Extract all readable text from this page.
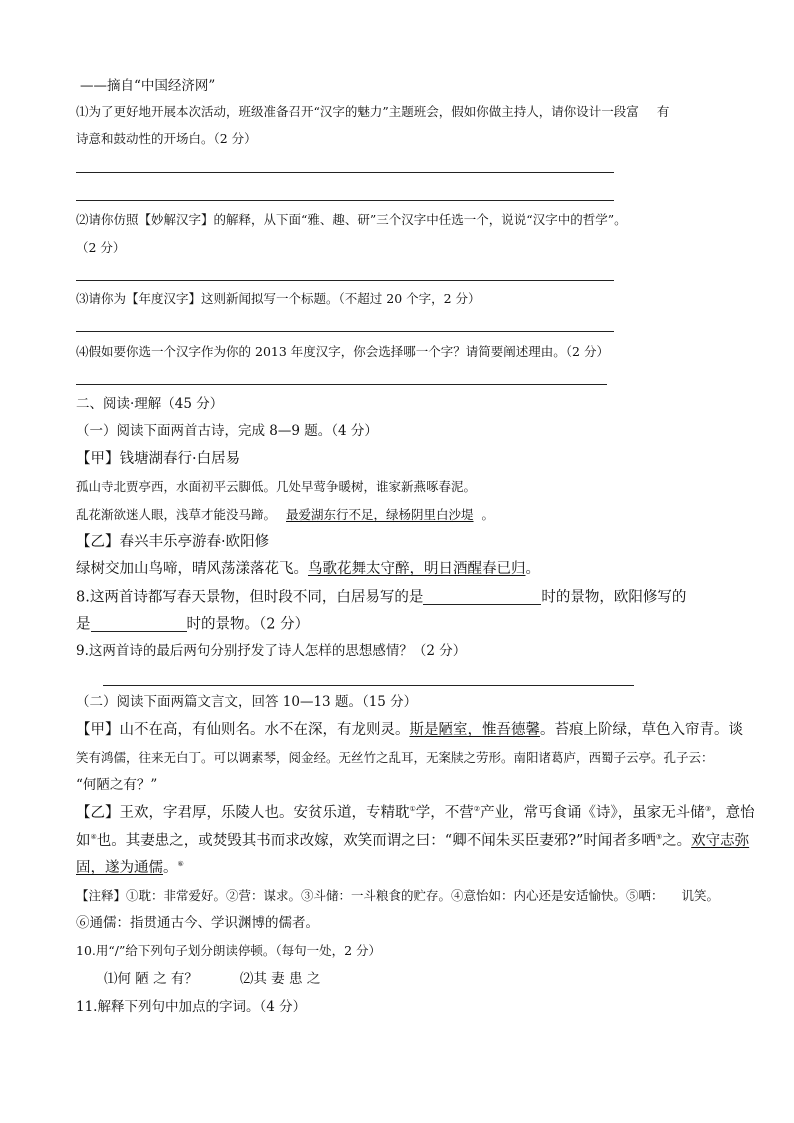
——摘自“中国经济网”
⑴为了更好地开展本次活动，班级准备召开“汉字的魅力”主题班会，假如你做主持人，请你设计一段富 有
诗意和鼓动性的开场白。（2 分）
⑵请你仿照【妙解汉字】的解释，从下面“雅、趣、研”三个汉字中任选一个，说说“汉字中的哲学”。
（2 分）
⑶请你为【年度汉字】这则新闻拟写一个标题。（不超过 20 个字，2 分）
⑷假如要你选一个汉字作为你的 2013 年度汉字，你会选择哪一个字？请简要阐述理由。（2 分）
二、阅读·理解（45 分）
（一）阅读下面两首古诗，完成 8—9 题。（4 分）
【甲】钱塘湖春行·白居易
孤山寺北贾亭西，水面初平云脚低。几处早莺争暖树，谁家新燕啄春泥。
乱花渐欲迷人眼，浅草才能没马蹄。 最爱湖东行不足，绿杨阴里白沙堤 。
【乙】春兴丰乐亭游春·欧阳修
绿树交加山鸟啼，晴风荡漾落花飞。鸟歌花舞太守醉，明日酒醒春已归。
8.这两首诗都写春天景物，但时段不同，白居易写的是	时的景物，欧阳修写的
是	时的景物。（2 分）
9.这两首诗的最后两句分别抒发了诗人怎样的思想感情？（2 分）
（二）阅读下面两篇文言文，回答 10—13 题。（15 分）
【甲】山不在高，有仙则名。水不在深，有龙则灵。斯是陋室，惟吾德馨。苔痕上阶绿，草色入帘青。谈
笑有鸿儒，往来无白丁。可以调素琴，阅金经。无丝竹之乱耳，无案牍之劳形。南阳诸葛庐，西蜀子云亭。孔子云：
“何陋之有？”
【乙】王欢，字君厚，乐陵人也。安贫乐道，专精耽①学，不营②产业，常丐食诵《诗》，虽家无斗储③，意怡
如④也。其妻患之，或焚毁其书而求改嫁，欢笑而谓之曰：“卿不闻朱买臣妻邪?”时闻者多哂⑤之。欢守志弥
固，遂为通儒。⑥
【注释】①耽：非常爱好。②营：谋求。③斗储：一斗粮食的贮存。④意怡如：内心还是安适愉快。⑤哂： 讥笑。
⑥通儒：指贯通古今、学识渊博的儒者。
10.用“/”给下列句子划分朗读停顿。（每句一处，2 分）
⑴何 陋 之 有？	⑵其 妻 患 之
11.解释下列句中加点的字词。（4 分）
